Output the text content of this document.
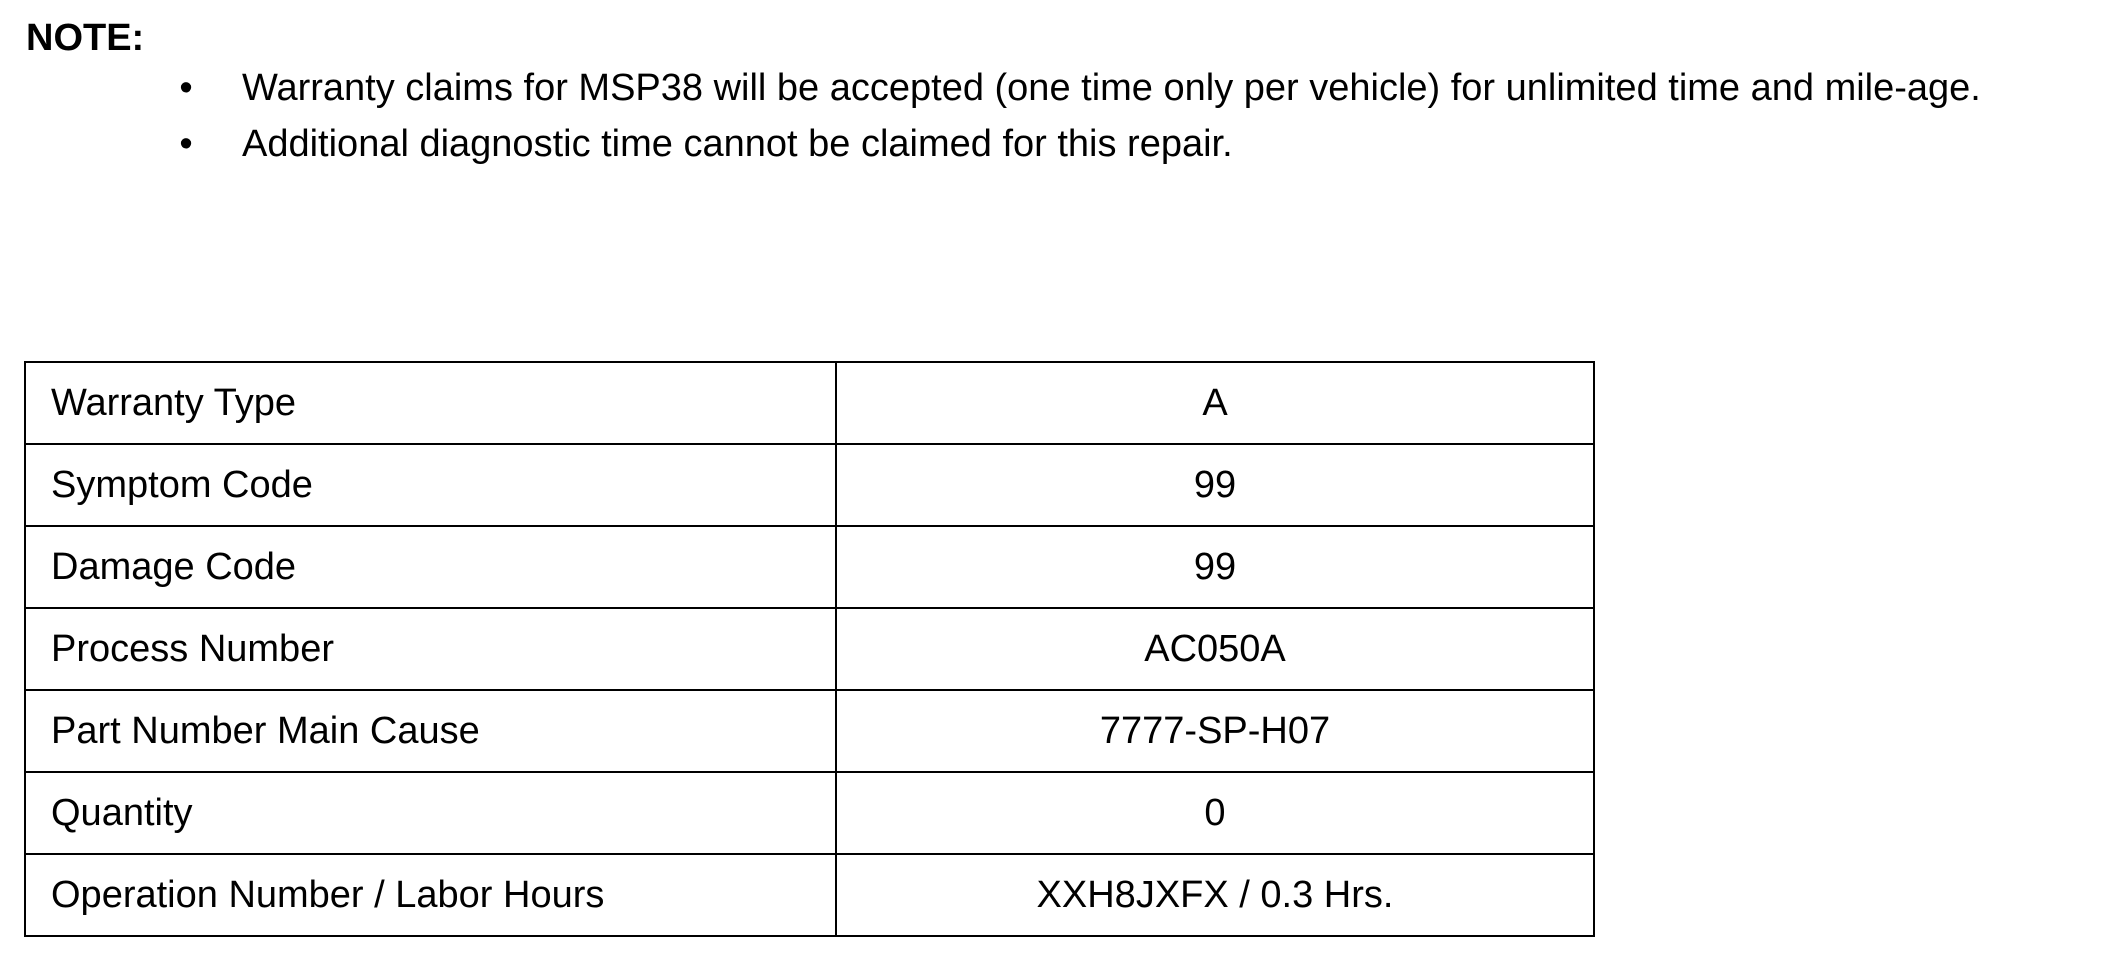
NOTE:

• Warranty claims for MSP38 will be accepted (one time only per vehicle) for unlimited time and mile-age.
• Additional diagnostic time cannot be claimed for this repair.
Warranty Type	A
Symptom Code	99
Damage Code	99
Process Number	AC050A
Part Number Main Cause	7777-SP-H07
Quantity	0
Operation Number / Labor Hours	XXH8JXFX / 0.3 Hrs.
